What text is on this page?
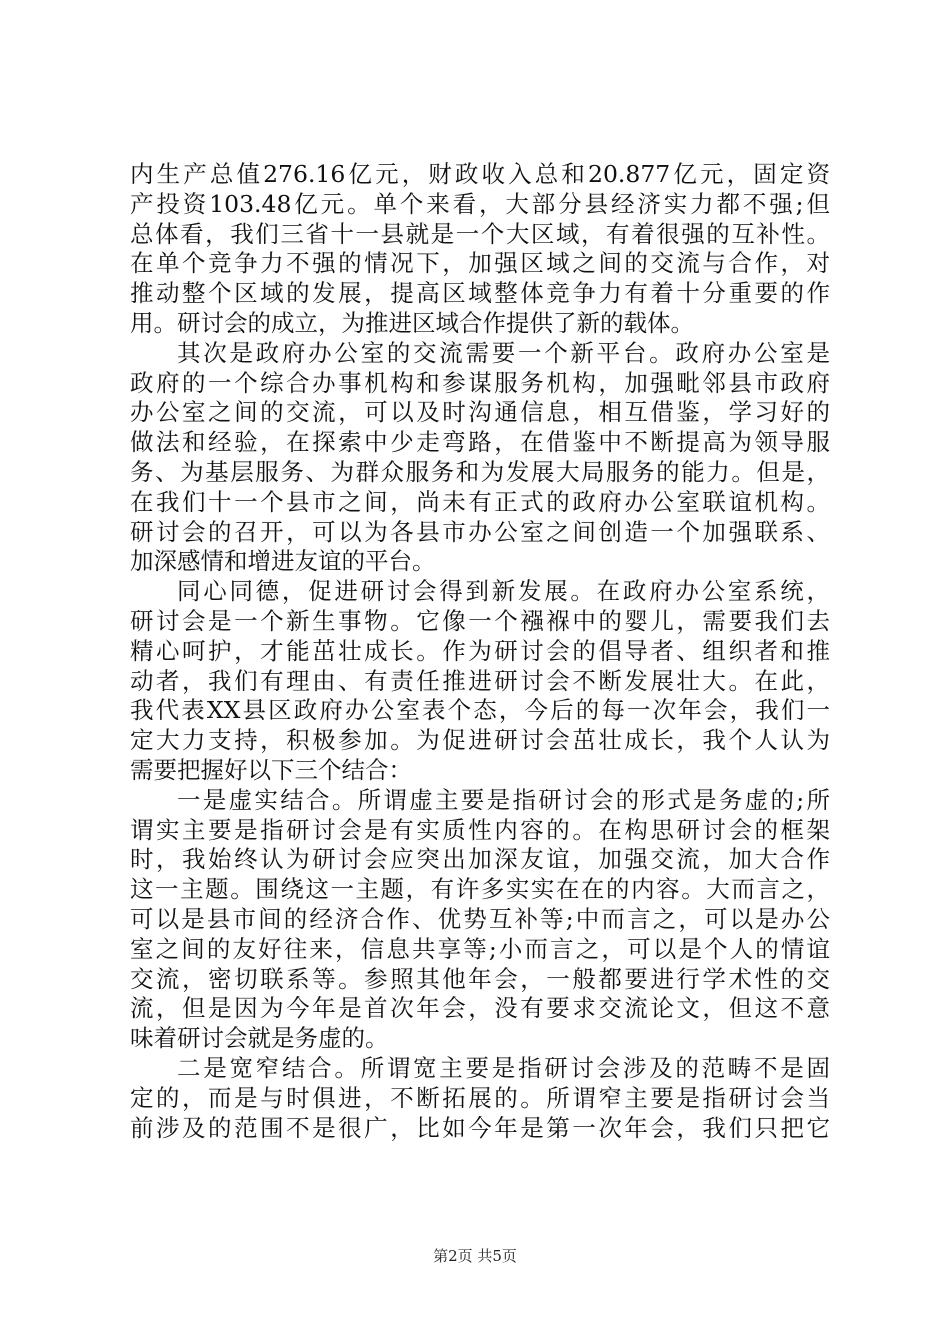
内生产总值276.16亿元，财政收入总和20.877亿元，固定资
产投资103.48亿元。单个来看，大部分县经济实力都不强;但
总体看，我们三省十一县就是一个大区域，有着很强的互补性。
在单个竞争力不强的情况下，加强区域之间的交流与合作，对
推动整个区域的发展，提高区域整体竞争力有着十分重要的作
用。研讨会的成立，为推进区域合作提供了新的载体。
其次是政府办公室的交流需要一个新平台。政府办公室是
政府的一个综合办事机构和参谋服务机构，加强毗邻县市政府
办公室之间的交流，可以及时沟通信息，相互借鉴，学习好的
做法和经验，在探索中少走弯路，在借鉴中不断提高为领导服
务、为基层服务、为群众服务和为发展大局服务的能力。但是，
在我们十一个县市之间，尚未有正式的政府办公室联谊机构。
研讨会的召开，可以为各县市办公室之间创造一个加强联系、
加深感情和增进友谊的平台。
同心同德，促进研讨会得到新发展。在政府办公室系统，
研讨会是一个新生事物。它像一个襁褓中的婴儿，需要我们去
精心呵护，才能茁壮成长。作为研讨会的倡导者、组织者和推
动者，我们有理由、有责任推进研讨会不断发展壮大。在此，
我代表XX县区政府办公室表个态，今后的每一次年会，我们一
定大力支持，积极参加。为促进研讨会茁壮成长，我个人认为
需要把握好以下三个结合：
一是虚实结合。所谓虚主要是指研讨会的形式是务虚的;所
谓实主要是指研讨会是有实质性内容的。在构思研讨会的框架
时，我始终认为研讨会应突出加深友谊，加强交流，加大合作
这一主题。围绕这一主题，有许多实实在在的内容。大而言之，
可以是县市间的经济合作、优势互补等;中而言之，可以是办公
室之间的友好往来，信息共享等;小而言之，可以是个人的情谊
交流，密切联系等。参照其他年会，一般都要进行学术性的交
流，但是因为今年是首次年会，没有要求交流论文，但这不意
味着研讨会就是务虚的。
二是宽窄结合。所谓宽主要是指研讨会涉及的范畴不是固
定的，而是与时俱进，不断拓展的。所谓窄主要是指研讨会当
前涉及的范围不是很广，比如今年是第一次年会，我们只把它
第2页 共5页
